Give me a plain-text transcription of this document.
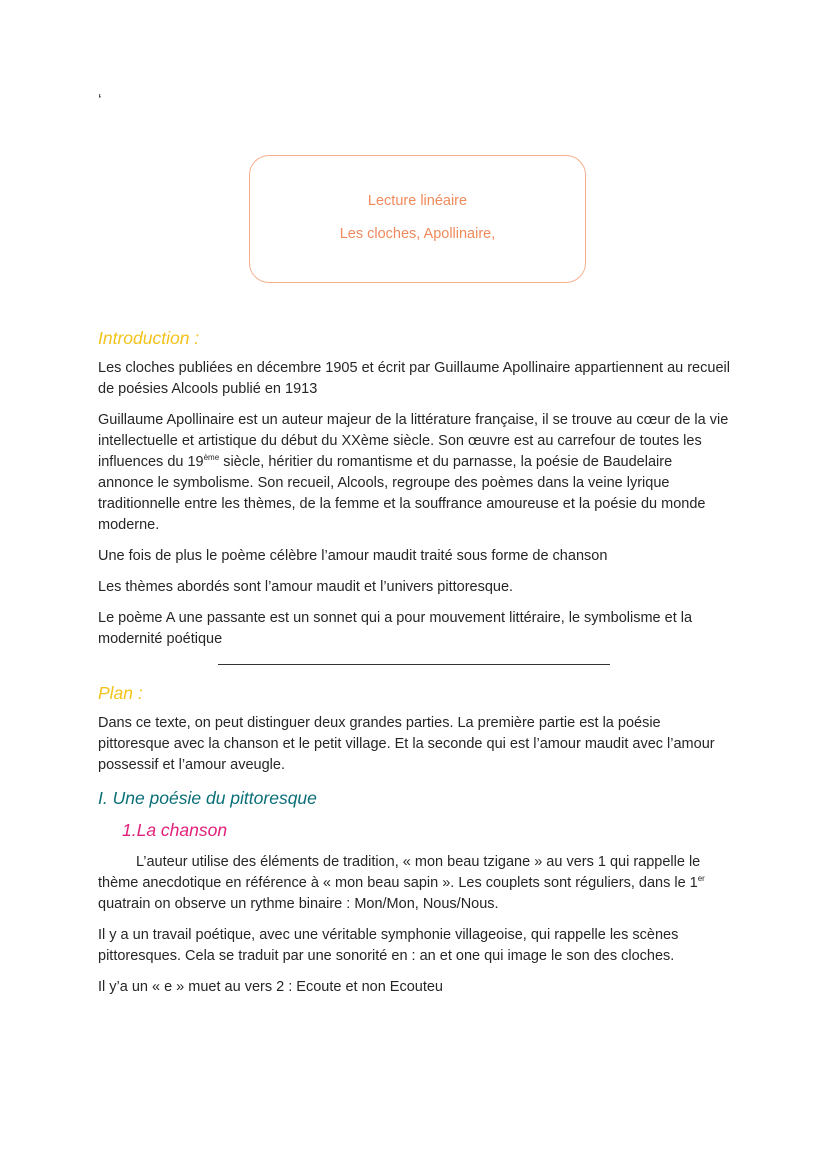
‘
Lecture linéaire
Les cloches, Apollinaire,
Introduction :

Les cloches publiées en décembre 1905 et écrit par Guillaume Apollinaire appartiennent au recueil de poésies Alcools publié en 1913

Guillaume Apollinaire est un auteur majeur de la littérature française, il se trouve au cœur de la vie intellectuelle et artistique du début du XXème siècle. Son œuvre est au carrefour de toutes les influences du 19ème siècle, héritier du romantisme et du parnasse, la poésie de Baudelaire annonce le symbolisme. Son recueil, Alcools, regroupe des poèmes dans la veine lyrique traditionnelle entre les thèmes, de la femme et la souffrance amoureuse et la poésie du monde moderne.

Une fois de plus le poème célèbre l’amour maudit traité sous forme de chanson

Les thèmes abordés sont l’amour maudit et l’univers pittoresque.

Le poème A une passante est un sonnet qui a pour mouvement littéraire, le symbolisme et la modernité poétique

Plan :

Dans ce texte, on peut distinguer deux grandes parties. La première partie est la poésie pittoresque avec la chanson et le petit village. Et la seconde qui est l’amour maudit avec l’amour possessif et l’amour aveugle.

I. Une poésie du pittoresque
1.La chanson

L’auteur utilise des éléments de tradition, « mon beau tzigane » au vers 1 qui rappelle le thème anecdotique en référence à « mon beau sapin ». Les couplets sont réguliers, dans le 1er quatrain on observe un rythme binaire : Mon/Mon, Nous/Nous.

Il y a un travail poétique, avec une véritable symphonie villageoise, qui rappelle les scènes pittoresques. Cela se traduit par une sonorité en : an et one qui image le son des cloches.

Il y’a un « e » muet au vers 2 : Ecoute et non Ecouteu
